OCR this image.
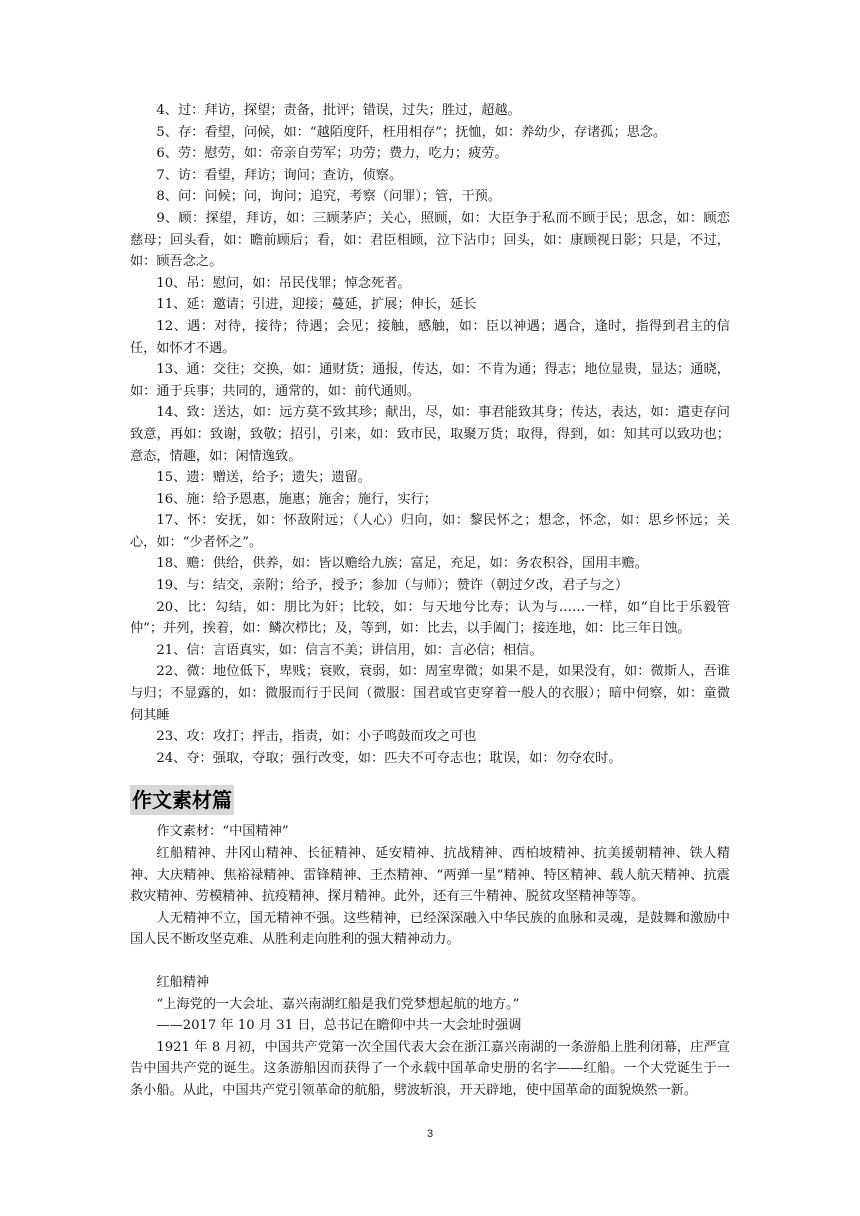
4、过：拜访，探望；责备，批评；错误，过失；胜过，超越。

5、存：看望，问候，如：“越陌度阡，枉用相存”；抚恤，如：养幼少，存诸孤；思念。

6、劳：慰劳，如：帝亲自劳军；功劳；费力，吃力；疲劳。

7、访：看望，拜访；询问；查访，侦察。

8、问：问候；问，询问；追究，考察（问罪）；管，干预。

9、顾：探望，拜访，如：三顾茅庐；关心，照顾，如：大臣争于私而不顾于民；思念，如：顾恋慈母；回头看，如：瞻前顾后；看，如：君臣相顾，泣下沾巾；回头，如：康顾视日影；只是，不过，如：顾吾念之。

10、吊：慰问，如：吊民伐罪；悼念死者。

11、延：邀请；引进，迎接；蔓延，扩展；伸长，延长

12、遇：对待，接待；待遇；会见；接触，感触，如：臣以神遇；遇合，逢时，指得到君主的信任，如怀才不遇。

13、通：交往；交换，如：通财货；通报，传达，如：不肯为通；得志；地位显贵，显达；通晓，如：通于兵事；共同的，通常的，如：前代通则。

14、致：送达，如：远方莫不致其珍；献出，尽，如：事君能致其身；传达，表达，如：遣吏存问致意，再如：致谢，致敬；招引，引来，如：致市民，取聚万货；取得，得到，如：知其可以致功也；意态，情趣，如：闲情逸致。

15、遗：赠送，给予；遗失；遗留。

16、施：给予恩惠，施惠；施舍；施行，实行；

17、怀：安抚，如：怀敌附远；（人心）归向，如：黎民怀之；想念，怀念，如：思乡怀远；关心，如：“少者怀之”。

18、赡：供给，供养，如：皆以赡给九族；富足，充足，如：务农积谷，国用丰赡。

19、与：结交，亲附；给予，授予；参加（与师）；赞许（朝过夕改，君子与之）

20、比：勾结，如：朋比为奸；比较，如：与天地兮比寿；认为与……一样，如“自比于乐毅管仲”；并列，挨着，如：鳞次栉比；及，等到，如：比去，以手阖门；接连地，如：比三年日蚀。

21、信：言语真实，如：信言不美；讲信用，如：言必信；相信。

22、微：地位低下，卑贱；衰败，衰弱，如：周室卑微；如果不是，如果没有，如：微斯人，吾谁与归；不显露的，如：微服而行于民间（微服：国君或官吏穿着一般人的衣服）；暗中伺察，如：童微伺其睡

23、攻：攻打；抨击，指责，如：小子鸣鼓而攻之可也

24、夺：强取，夺取；强行改变，如：匹夫不可夺志也；耽误，如：勿夺农时。

作文素材篇

作文素材：“中国精神”

红船精神、井冈山精神、长征精神、延安精神、抗战精神、西柏坡精神、抗美援朝精神、铁人精神、大庆精神、焦裕禄精神、雷锋精神、王杰精神、“两弹一星”精神、特区精神、载人航天精神、抗震救灾精神、劳模精神、抗疫精神、探月精神。此外，还有三牛精神、脱贫攻坚精神等等。

人无精神不立，国无精神不强。这些精神，已经深深融入中华民族的血脉和灵魂，是鼓舞和激励中国人民不断攻坚克难、从胜利走向胜利的强大精神动力。

红船精神

“上海党的一大会址、嘉兴南湖红船是我们党梦想起航的地方。”

——2017 年 10 月 31 日，总书记在瞻仰中共一大会址时强调

1921 年 8 月初，中国共产党第一次全国代表大会在浙江嘉兴南湖的一条游船上胜利闭幕，庄严宣告中国共产党的诞生。这条游船因而获得了一个永载中国革命史册的名字——红船。一个大党诞生于一条小船。从此，中国共产党引领革命的航船，劈波斩浪，开天辟地，使中国革命的面貌焕然一新。

3
